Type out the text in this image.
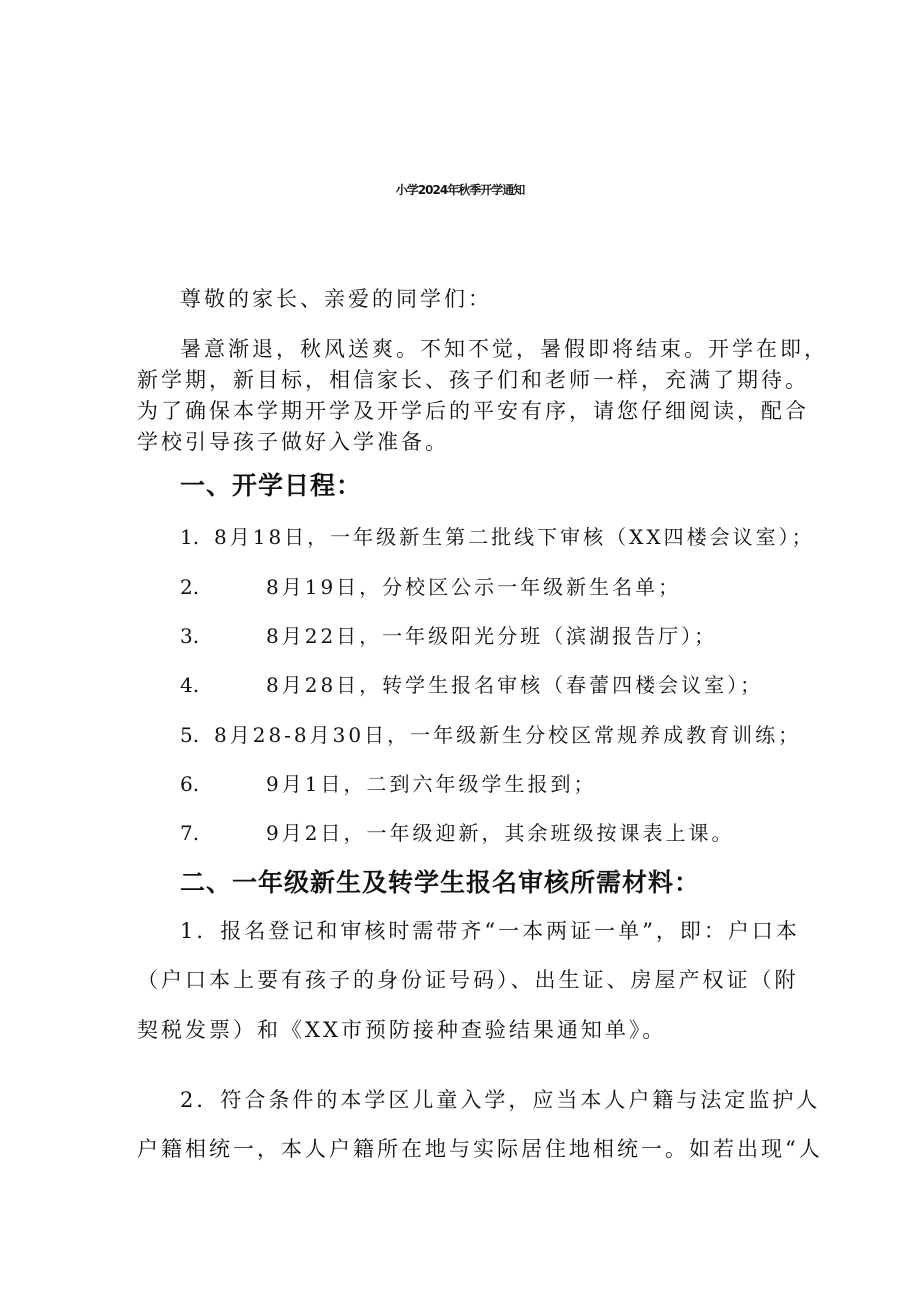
小学2024年秋季开学通知

尊敬的家长、亲爱的同学们：

暑意渐退，秋风送爽。不知不觉，暑假即将结束。开学在即，

新学期，新目标，相信家长、孩子们和老师一样，充满了期待。

为了确保本学期开学及开学后的平安有序，请您仔细阅读，配合

学校引导孩子做好入学准备。

一、开学日程：
1. 8月18日，一年级新生第二批线下审核（XX四楼会议室）；
2.	8月19日，分校区公示一年级新生名单；
3.	8月22日，一年级阳光分班（滨湖报告厅）；
4.	8月28日，转学生报名审核（春蕾四楼会议室）；
5. 8月28-8月30日，一年级新生分校区常规养成教育训练；
6.	9月1日，二到六年级学生报到；
7.	9月2日，一年级迎新，其余班级按课表上课。
二、一年级新生及转学生报名审核所需材料：

1．报名登记和审核时需带齐“一本两证一单”，即：户口本

（户口本上要有孩子的身份证号码）、出生证、房屋产权证（附

契税发票）和《XX市预防接种查验结果通知单》。

2．符合条件的本学区儿童入学，应当本人户籍与法定监护人

户籍相统一，本人户籍所在地与实际居住地相统一。如若出现“人
